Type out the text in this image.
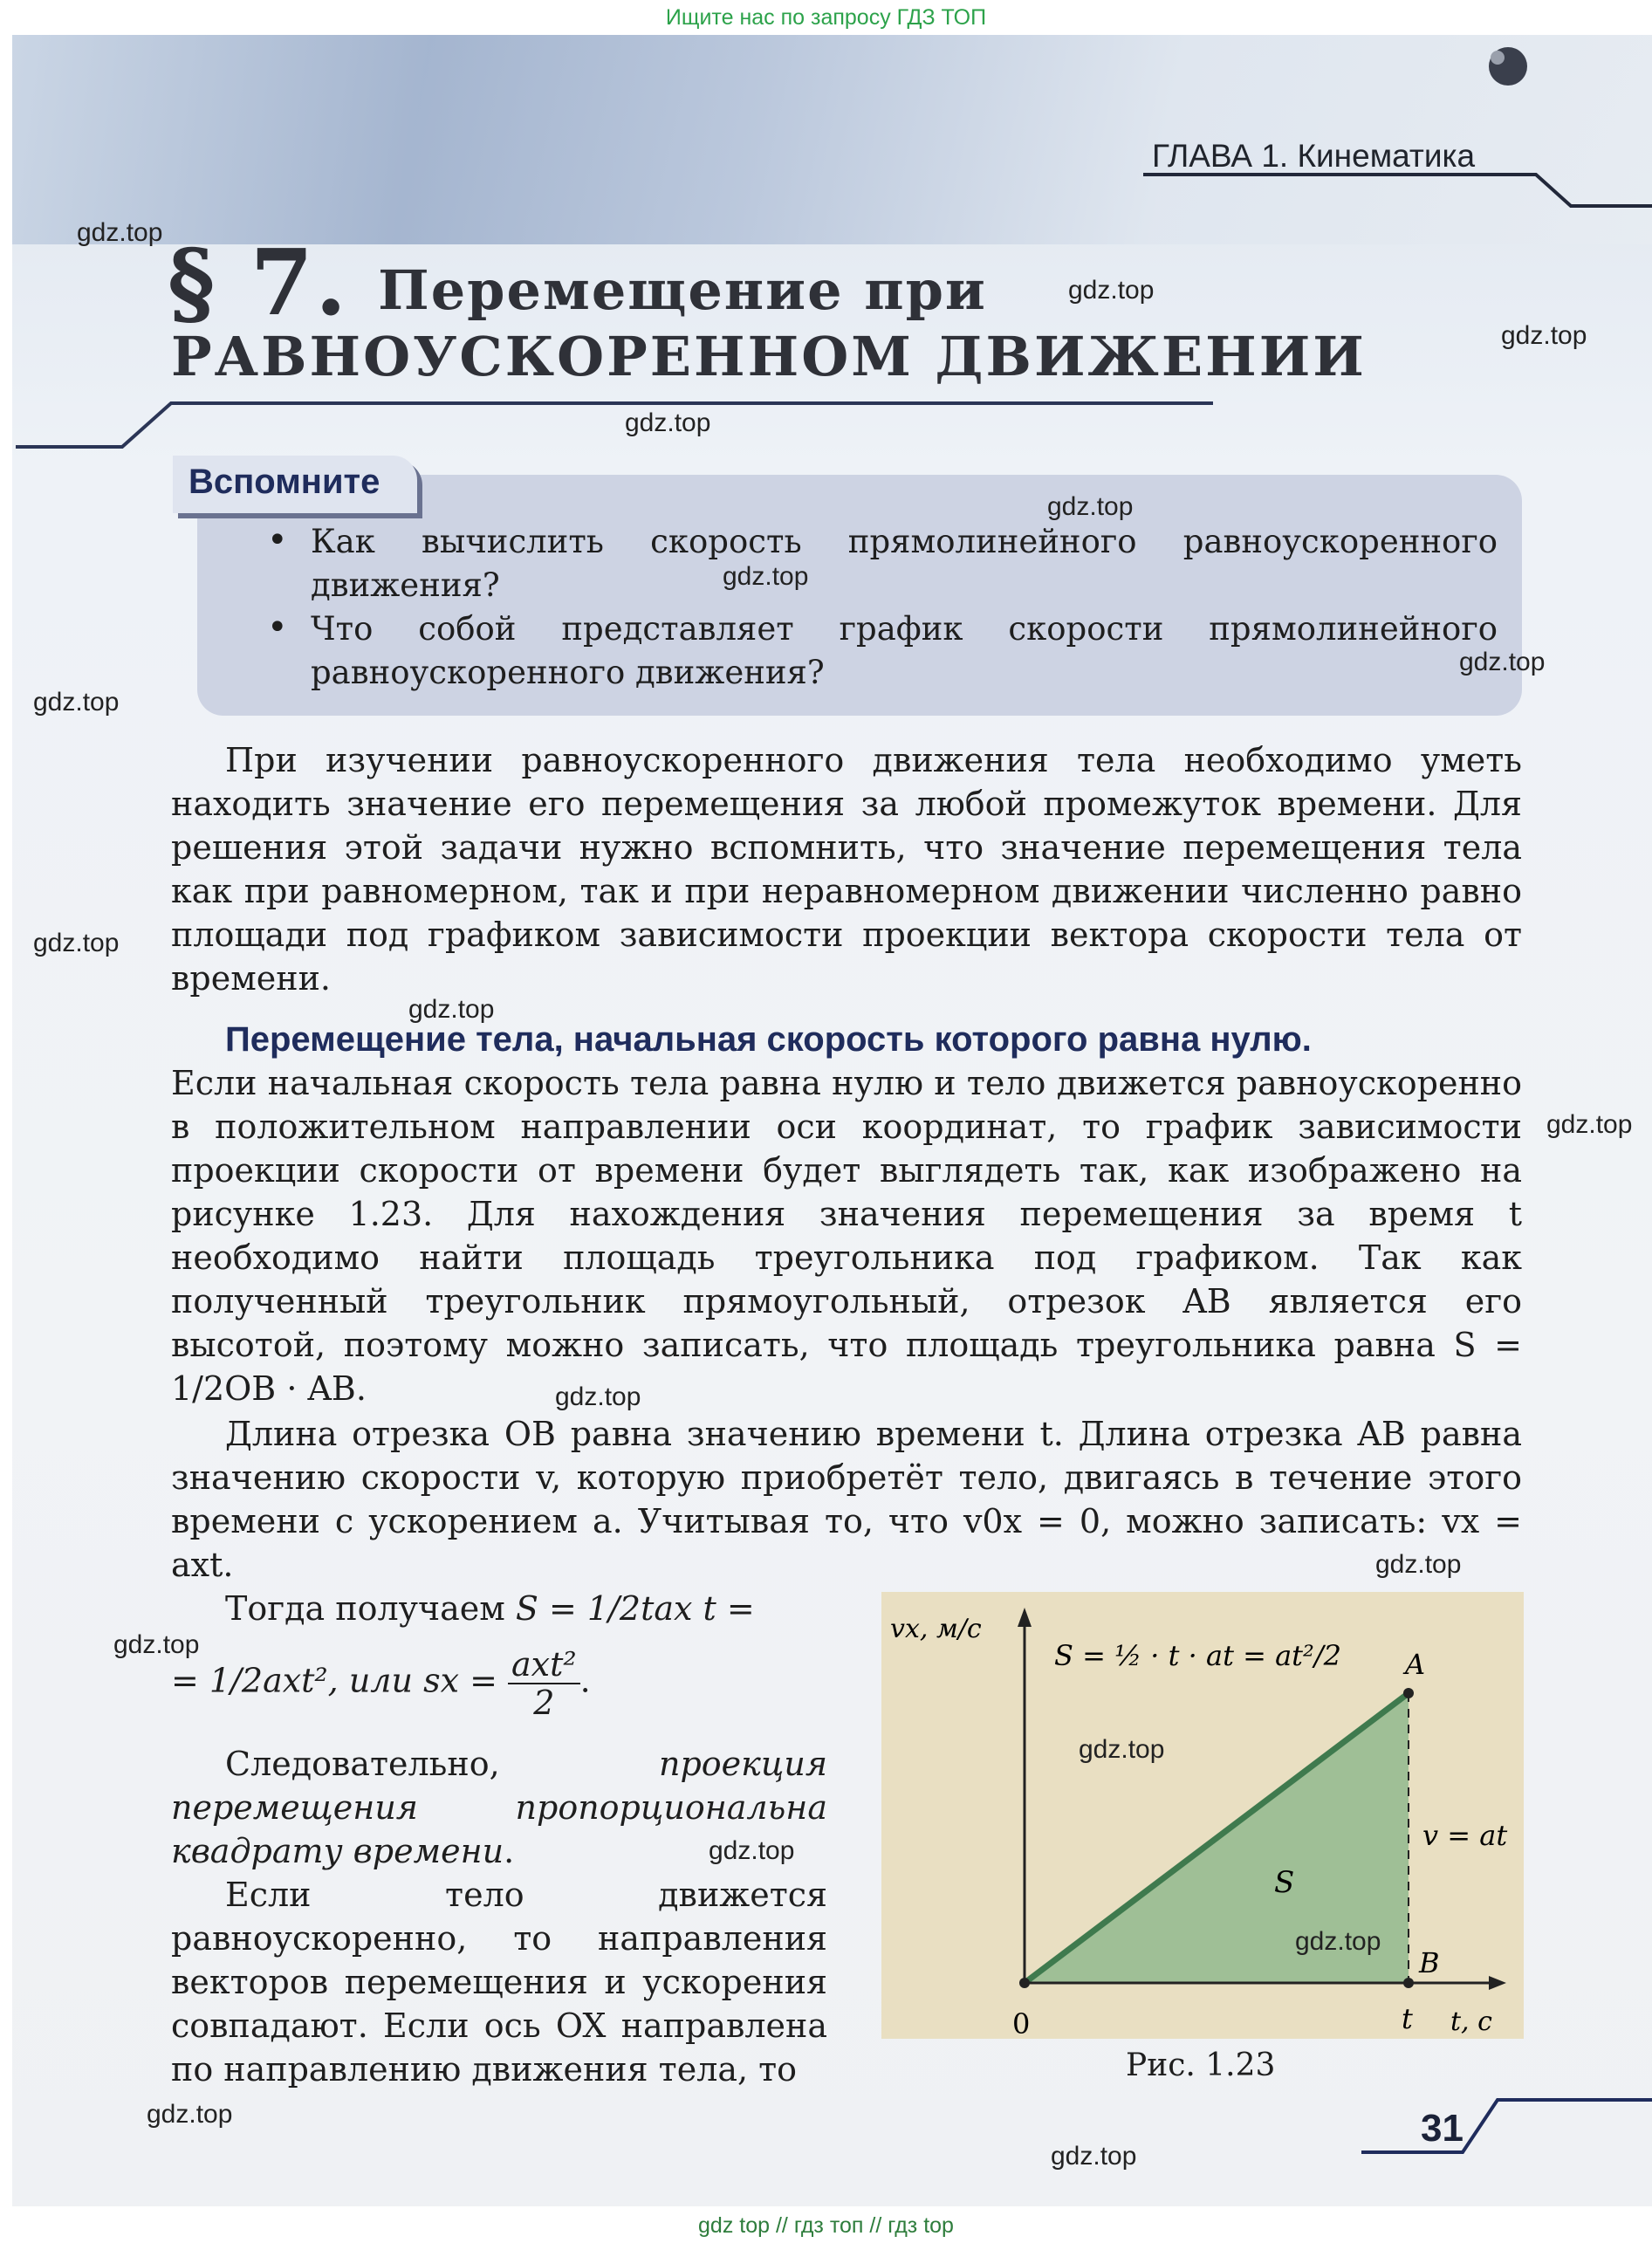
Ищите нас по запросу ГДЗ ТОП
ГЛАВА 1. Кинематика
§ 7. Перемещение при
РАВНОУСКОРЕННОМ ДВИЖЕНИИ
Вспомните
• Как вычислить скорость прямолинейного равноускоренного движения?
• Что собой представляет график скорости прямолинейного равноускоренного движения?
При изучении равноускоренного движения тела необходимо уметь находить значение его перемещения за любой промежуток времени. Для решения этой задачи нужно вспомнить, что значение перемещения тела как при равномерном, так и при неравномерном движении численно равно площади под графиком зависимости проекции вектора скорости тела от времени.
Перемещение тела, начальная скорость которого равна нулю.
Если начальная скорость тела равна нулю и тело движется равноускоренно в положительном направлении оси координат, то график зависимости проекции скорости от времени будет выглядеть так, как изображено на рисунке 1.23. Для нахождения значения перемещения за время t необходимо найти площадь треугольника под графиком. Так как полученный треугольник прямоугольный, отрезок AB является его высотой, поэтому можно записать, что площадь треугольника равна S = 1/2OB · AB.
Длина отрезка OB равна значению времени t. Длина отрезка AB равна значению скорости v, которую приобретёт тело, двигаясь в течение этого времени с ускорением a. Учитывая то, что v0x = 0, можно записать: vx = axt.
Тогда получаем S = 1/2tax t =
= 1/2axt², или sx = $\frac{\text{axt²}}{2}$ .
Следовательно,	проекция перемещения пропорциональна квадрату времени.
Если тело движется равноускоренно, то направления векторов перемещения и ускорения совпадают. Если ось OX направлена по направлению движения тела, то
vx, м/с
t, с
0	t
A
B
S
v = at
S = ½ · t · at = at²/2
Рис. 1.23
31
gdz.top
gdz.top
gdz.top
gdz.top
gdz.top
gdz.top
gdz.top
gdz.top
gdz.top
gdz.top
gdz.top
gdz.top
gdz.top
gdz.top
gdz.top
gdz.top
gdz.top
gdz.top
gdz.top
gdz top // гдз топ // гдз top
